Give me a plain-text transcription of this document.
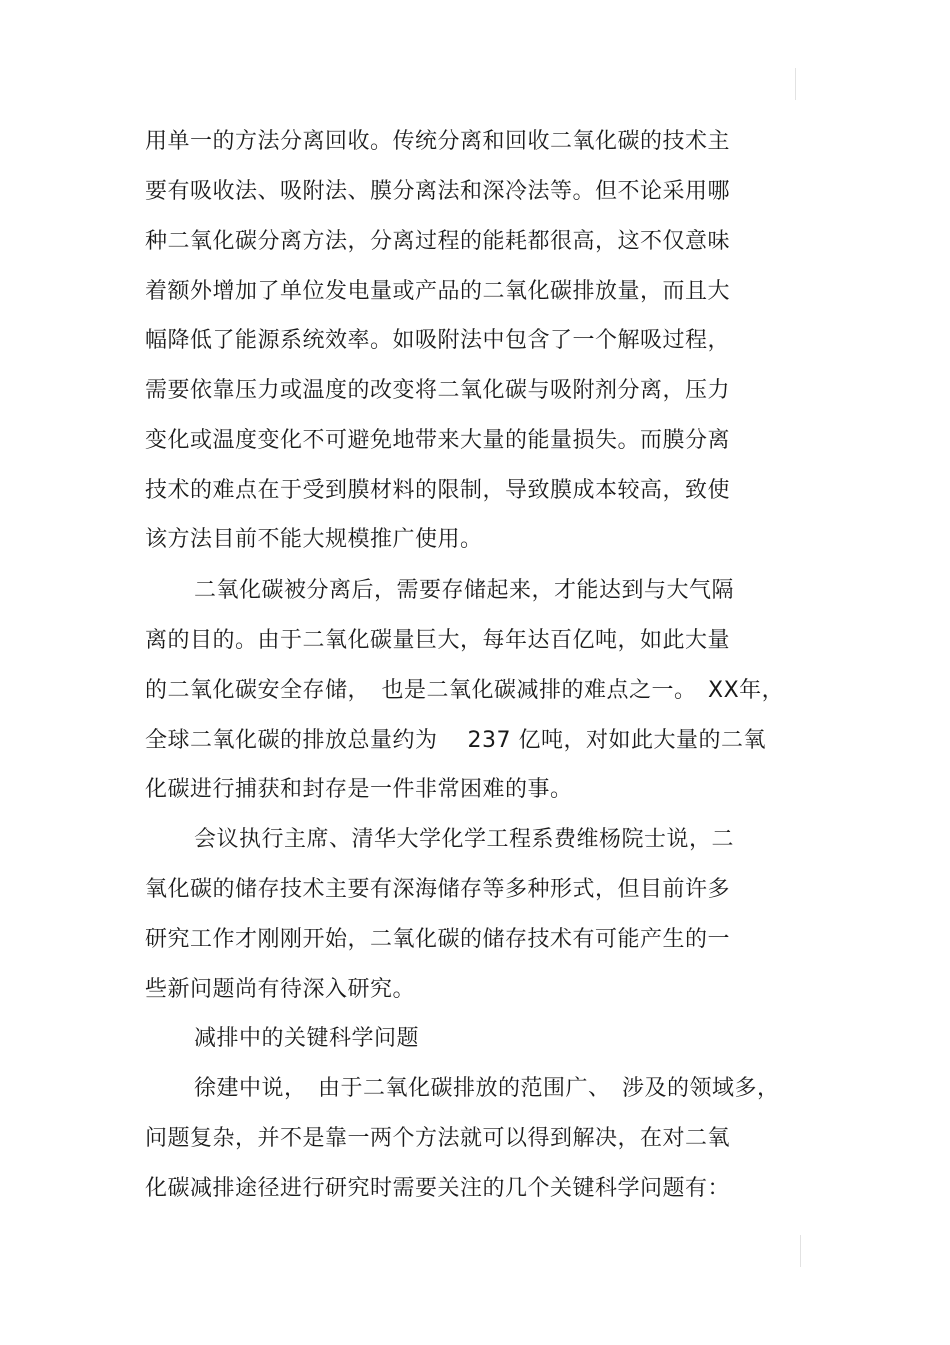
用单一的方法分离回收。传统分离和回收二氧化碳的技术主
要有吸收法、吸附法、膜分离法和深冷法等。但不论采用哪
种二氧化碳分离方法，分离过程的能耗都很高，这不仅意味
着额外增加了单位发电量或产品的二氧化碳排放量，而且大
幅降低了能源系统效率。如吸附法中包含了一个解吸过程，
需要依靠压力或温度的改变将二氧化碳与吸附剂分离，压力
变化或温度变化不可避免地带来大量的能量损失。而膜分离
技术的难点在于受到膜材料的限制，导致膜成本较高，致使
该方法目前不能大规模推广使用。
二氧化碳被分离后，需要存储起来，才能达到与大气隔
离的目的。由于二氧化碳量巨大，每年达百亿吨，如此大量
的二氧化碳安全存储，　也是二氧化碳减排的难点之一。　XX年，
全球二氧化碳的排放总量约为　 237 亿吨，对如此大量的二氧
化碳进行捕获和封存是一件非常困难的事。
会议执行主席、清华大学化学工程系费维杨院士说，二
氧化碳的储存技术主要有深海储存等多种形式，但目前许多
研究工作才刚刚开始，二氧化碳的储存技术有可能产生的一
些新问题尚有待深入研究。
减排中的关键科学问题
徐建中说，　由于二氧化碳排放的范围广、　涉及的领域多，
问题复杂，并不是靠一两个方法就可以得到解决，在对二氧
化碳减排途径进行研究时需要关注的几个关键科学问题有：
